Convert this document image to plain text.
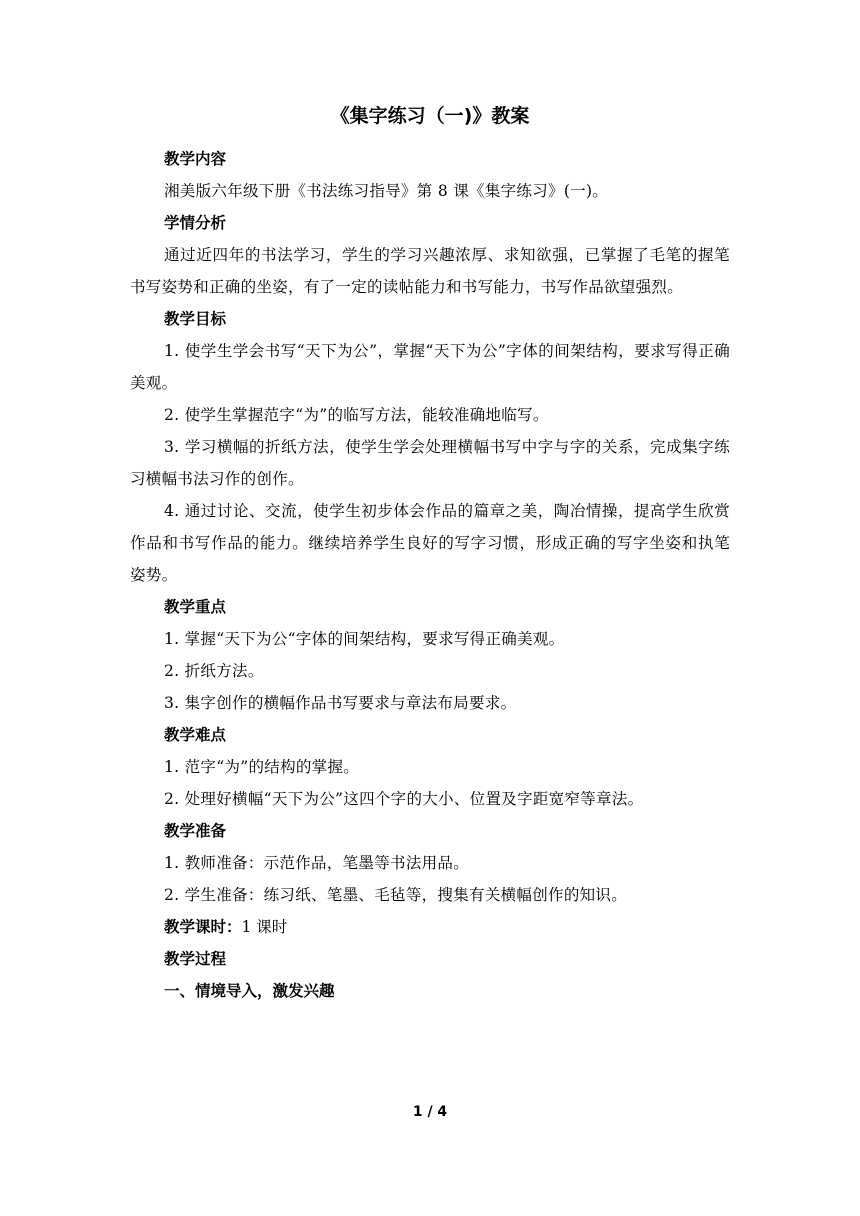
《集字练习（一)》教案
教学内容
湘美版六年级下册《书法练习指导》第 8 课《集字练习》(一)。
学情分析
通过近四年的书法学习，学生的学习兴趣浓厚、求知欲强，已掌握了毛笔的握笔书写姿势和正确的坐姿，有了一定的读帖能力和书写能力，书写作品欲望强烈。
教学目标
1. 使学生学会书写“天下为公”，掌握“天下为公”字体的间架结构，要求写得正确美观。
2. 使学生掌握范字“为”的临写方法，能较准确地临写。
3. 学习横幅的折纸方法，使学生学会处理横幅书写中字与字的关系，完成集字练习横幅书法习作的创作。
4. 通过讨论、交流，使学生初步体会作品的篇章之美，陶冶情操，提高学生欣赏作品和书写作品的能力。继续培养学生良好的写字习惯，形成正确的写字坐姿和执笔姿势。
教学重点
1. 掌握“天下为公“字体的间架结构，要求写得正确美观。
2. 折纸方法。
3. 集字创作的横幅作品书写要求与章法布局要求。
教学难点
1. 范字“为”的结构的掌握。
2. 处理好横幅“天下为公”这四个字的大小、位置及字距宽窄等章法。
教学准备
1. 教师准备：示范作品，笔墨等书法用品。
2. 学生准备：练习纸、笔墨、毛毡等，搜集有关横幅创作的知识。
教学课时：1 课时
教学过程
一、情境导入，激发兴趣
1 / 4
